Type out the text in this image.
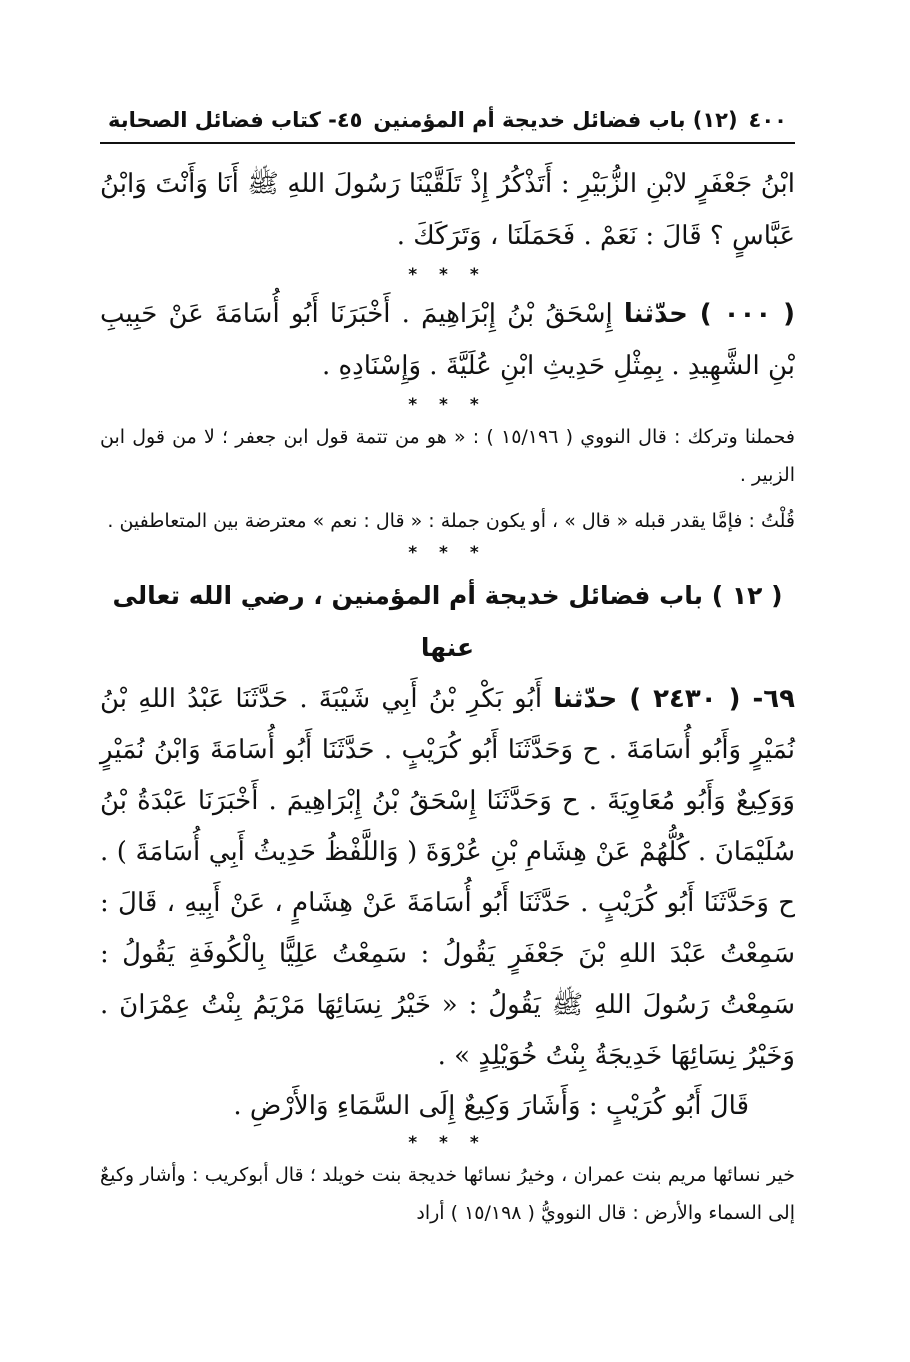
٤٠٠
(١٢) باب فضائل خديجة أم المؤمنين
٤٥- كتاب فضائل الصحابة

ابْنُ جَعْفَرٍ لابْنِ الزُّبَيْرِ : أَتَذْكُرُ إِذْ تَلَقَّيْنَا رَسُولَ اللهِ ﷺ أَنَا وَأَنْتَ وَابْنُ عَبَّاسٍ ؟ قَالَ : نَعَمْ . فَحَمَلَنَا ، وَتَرَكَكَ .

* * *

( ٠٠٠ ) حدّثنا إِسْحَقُ بْنُ إِبْرَاهِيمَ . أَخْبَرَنَا أَبُو أُسَامَةَ عَنْ حَبِيبِ بْنِ الشَّهِيدِ . بِمِثْلِ حَدِيثِ ابْنِ عُلَيَّةَ . وَإِسْنَادِهِ .

* * *

فحملنا وتركك : قال النووي ( ١٥/١٩٦ ) : « هو من تتمة قول ابن جعفر ؛ لا من قول ابن الزبير .

قُلْتُ : فإمَّا يقدر قبله « قال » ، أو يكون جملة : « قال : نعم » معترضة بين المتعاطفين .

* * *

( ١٢ ) باب فضائل خديجة أم المؤمنين ، رضي الله تعالى عنها

٦٩- ( ٢٤٣٠ ) حدّثنا أَبُو بَكْرِ بْنُ أَبِي شَيْبَةَ . حَدَّثَنَا عَبْدُ اللهِ بْنُ نُمَيْرٍ وَأَبُو أُسَامَةَ . ح وَحَدَّثَنَا أَبُو كُرَيْبٍ . حَدَّثَنَا أَبُو أُسَامَةَ وَابْنُ نُمَيْرٍ وَوَكِيعٌ وَأَبُو مُعَاوِيَةَ . ح وَحَدَّثَنَا إِسْحَقُ بْنُ إِبْرَاهِيمَ . أَخْبَرَنَا عَبْدَةُ بْنُ سُلَيْمَانَ . كُلُّهُمْ عَنْ هِشَامِ بْنِ عُرْوَةَ ( وَاللَّفْظُ حَدِيثُ أَبِي أُسَامَةَ ) . ح وَحَدَّثَنَا أَبُو كُرَيْبٍ . حَدَّثَنَا أَبُو أُسَامَةَ عَنْ هِشَامٍ ، عَنْ أَبِيهِ ، قَالَ : سَمِعْتُ عَبْدَ اللهِ بْنَ جَعْفَرٍ يَقُولُ : سَمِعْتُ عَلِيًّا بِالْكُوفَةِ يَقُولُ : سَمِعْتُ رَسُولَ اللهِ ﷺ يَقُولُ : « خَيْرُ نِسَائِهَا مَرْيَمُ بِنْتُ عِمْرَانَ . وَخَيْرُ نِسَائِهَا خَدِيجَةُ بِنْتُ خُوَيْلِدٍ » .

قَالَ أَبُو كُرَيْبٍ : وَأَشَارَ وَكِيعٌ إِلَى السَّمَاءِ وَالأَرْضِ .

* * *

خير نسائها مريم بنت عمران ، وخيرُ نسائها خديجة بنت خويلد ؛ قال أبوكريب : وأشار وكيعٌ إلى السماء والأرض : قال النوويُّ ( ١٥/١٩٨ ) أراد
